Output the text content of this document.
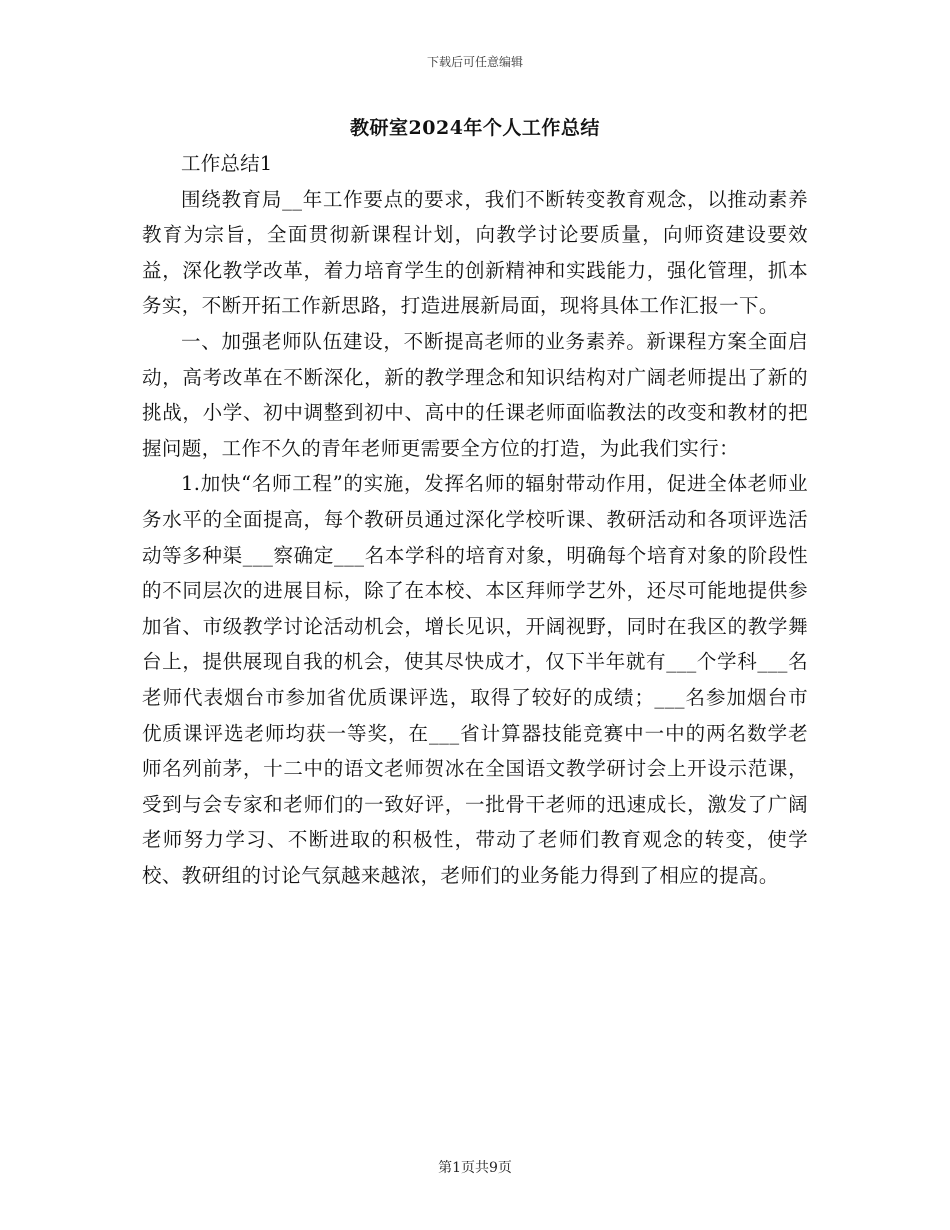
下载后可任意编辑
教研室2024年个人工作总结

工作总结1

围绕教育局__年工作要点的要求，我们不断转变教育观念，以推动素养教育为宗旨，全面贯彻新课程计划，向教学讨论要质量，向师资建设要效益，深化教学改革，着力培育学生的创新精神和实践能力，强化管理，抓本务实，不断开拓工作新思路，打造进展新局面，现将具体工作汇报一下。

一、加强老师队伍建设，不断提高老师的业务素养。新课程方案全面启动，高考改革在不断深化，新的教学理念和知识结构对广阔老师提出了新的挑战，小学、初中调整到初中、高中的任课老师面临教法的改变和教材的把握问题，工作不久的青年老师更需要全方位的打造，为此我们实行：

1.加快“名师工程”的实施，发挥名师的辐射带动作用，促进全体老师业务水平的全面提高，每个教研员通过深化学校听课、教研活动和各项评选活动等多种渠___察确定___名本学科的培育对象，明确每个培育对象的阶段性的不同层次的进展目标，除了在本校、本区拜师学艺外，还尽可能地提供参加省、市级教学讨论活动机会，增长见识，开阔视野，同时在我区的教学舞台上，提供展现自我的机会，使其尽快成才，仅下半年就有___个学科___名老师代表烟台市参加省优质课评选，取得了较好的成绩；___名参加烟台市优质课评选老师均获一等奖，在___省计算器技能竞赛中一中的两名数学老师名列前茅，十二中的语文老师贺冰在全国语文教学研讨会上开设示范课，受到与会专家和老师们的一致好评，一批骨干老师的迅速成长，激发了广阔老师努力学习、不断进取的积极性，带动了老师们教育观念的转变，使学校、教研组的讨论气氛越来越浓，老师们的业务能力得到了相应的提高。

第1页共9页
